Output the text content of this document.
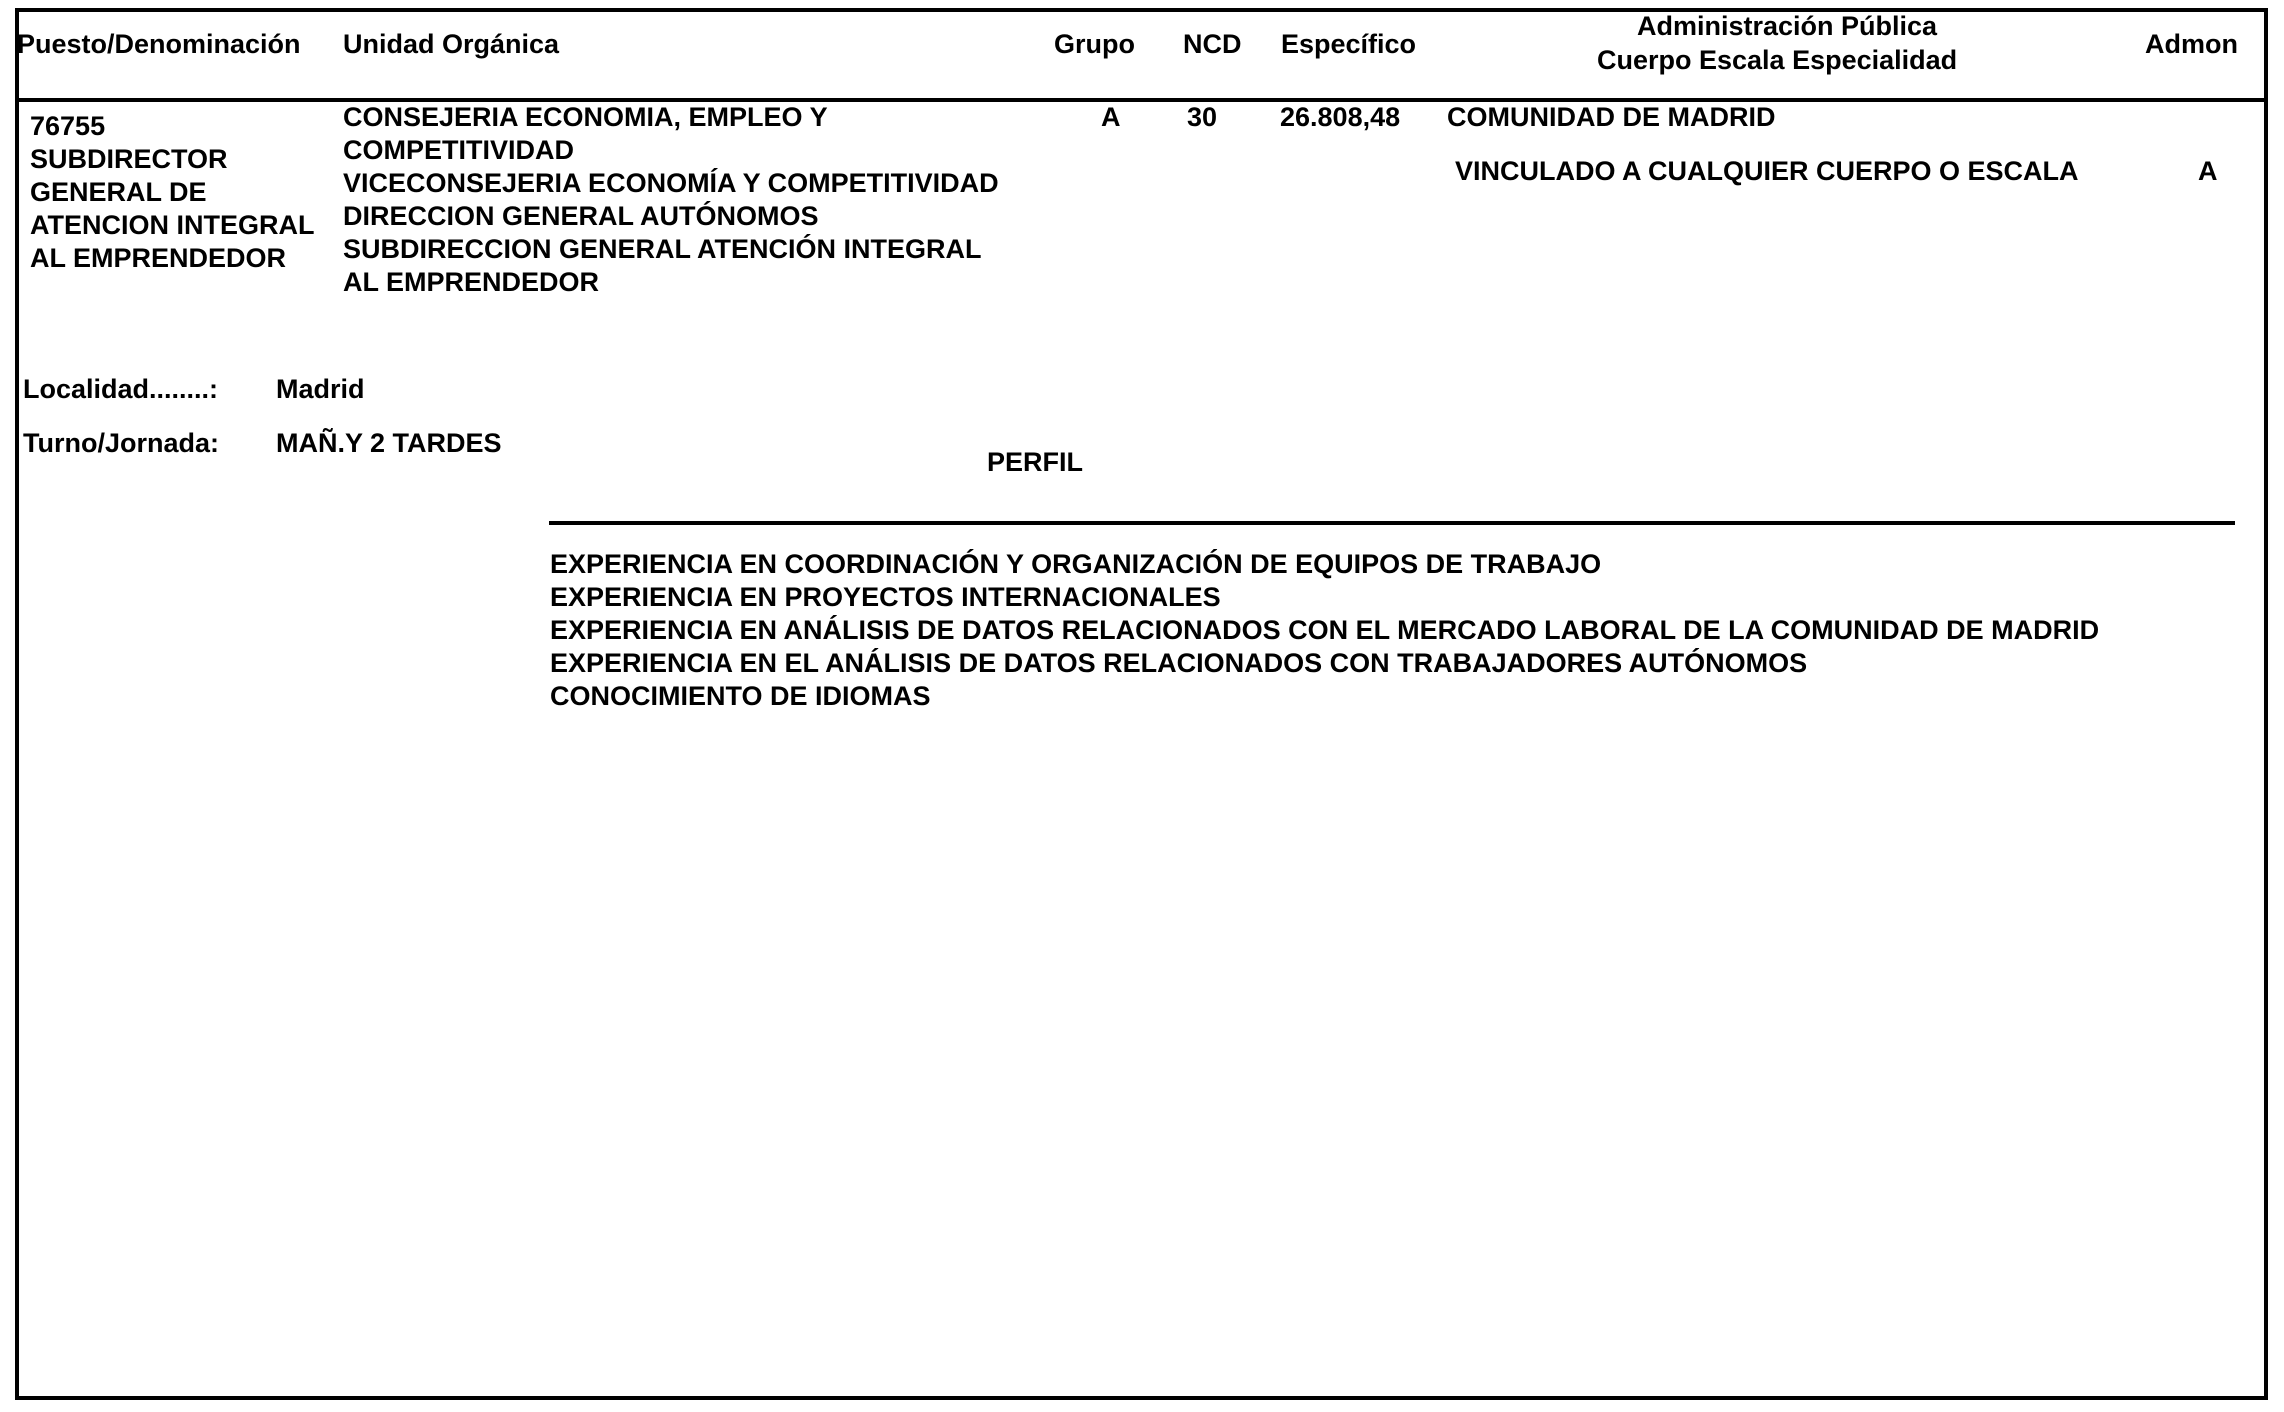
Puesto/Denominación Unidad Orgánica	Grupo NCD Específico
Administración Pública
Cuerpo Escala Especialidad
Admon
76755
SUBDIRECTOR
GENERAL DE
ATENCION INTEGRAL
AL EMPRENDEDOR
CONSEJERIA ECONOMIA, EMPLEO Y
COMPETITIVIDAD
VICECONSEJERIA ECONOMÍA Y COMPETITIVIDAD
DIRECCION GENERAL AUTÓNOMOS
SUBDIRECCION GENERAL ATENCIÓN INTEGRAL
AL EMPRENDEDOR
A 30 26.808,48 COMUNIDAD DE MADRID
VINCULADO A CUALQUIER CUERPO O ESCALA	A
Localidad........: Madrid
Turno/Jornada: MAÑ.Y 2 TARDES
PERFIL
EXPERIENCIA EN COORDINACIÓN Y ORGANIZACIÓN DE EQUIPOS DE TRABAJO
EXPERIENCIA EN PROYECTOS INTERNACIONALES
EXPERIENCIA EN ANÁLISIS DE DATOS RELACIONADOS CON EL MERCADO LABORAL DE LA COMUNIDAD DE MADRID
EXPERIENCIA EN EL ANÁLISIS DE DATOS RELACIONADOS CON TRABAJADORES AUTÓNOMOS
CONOCIMIENTO DE IDIOMAS
